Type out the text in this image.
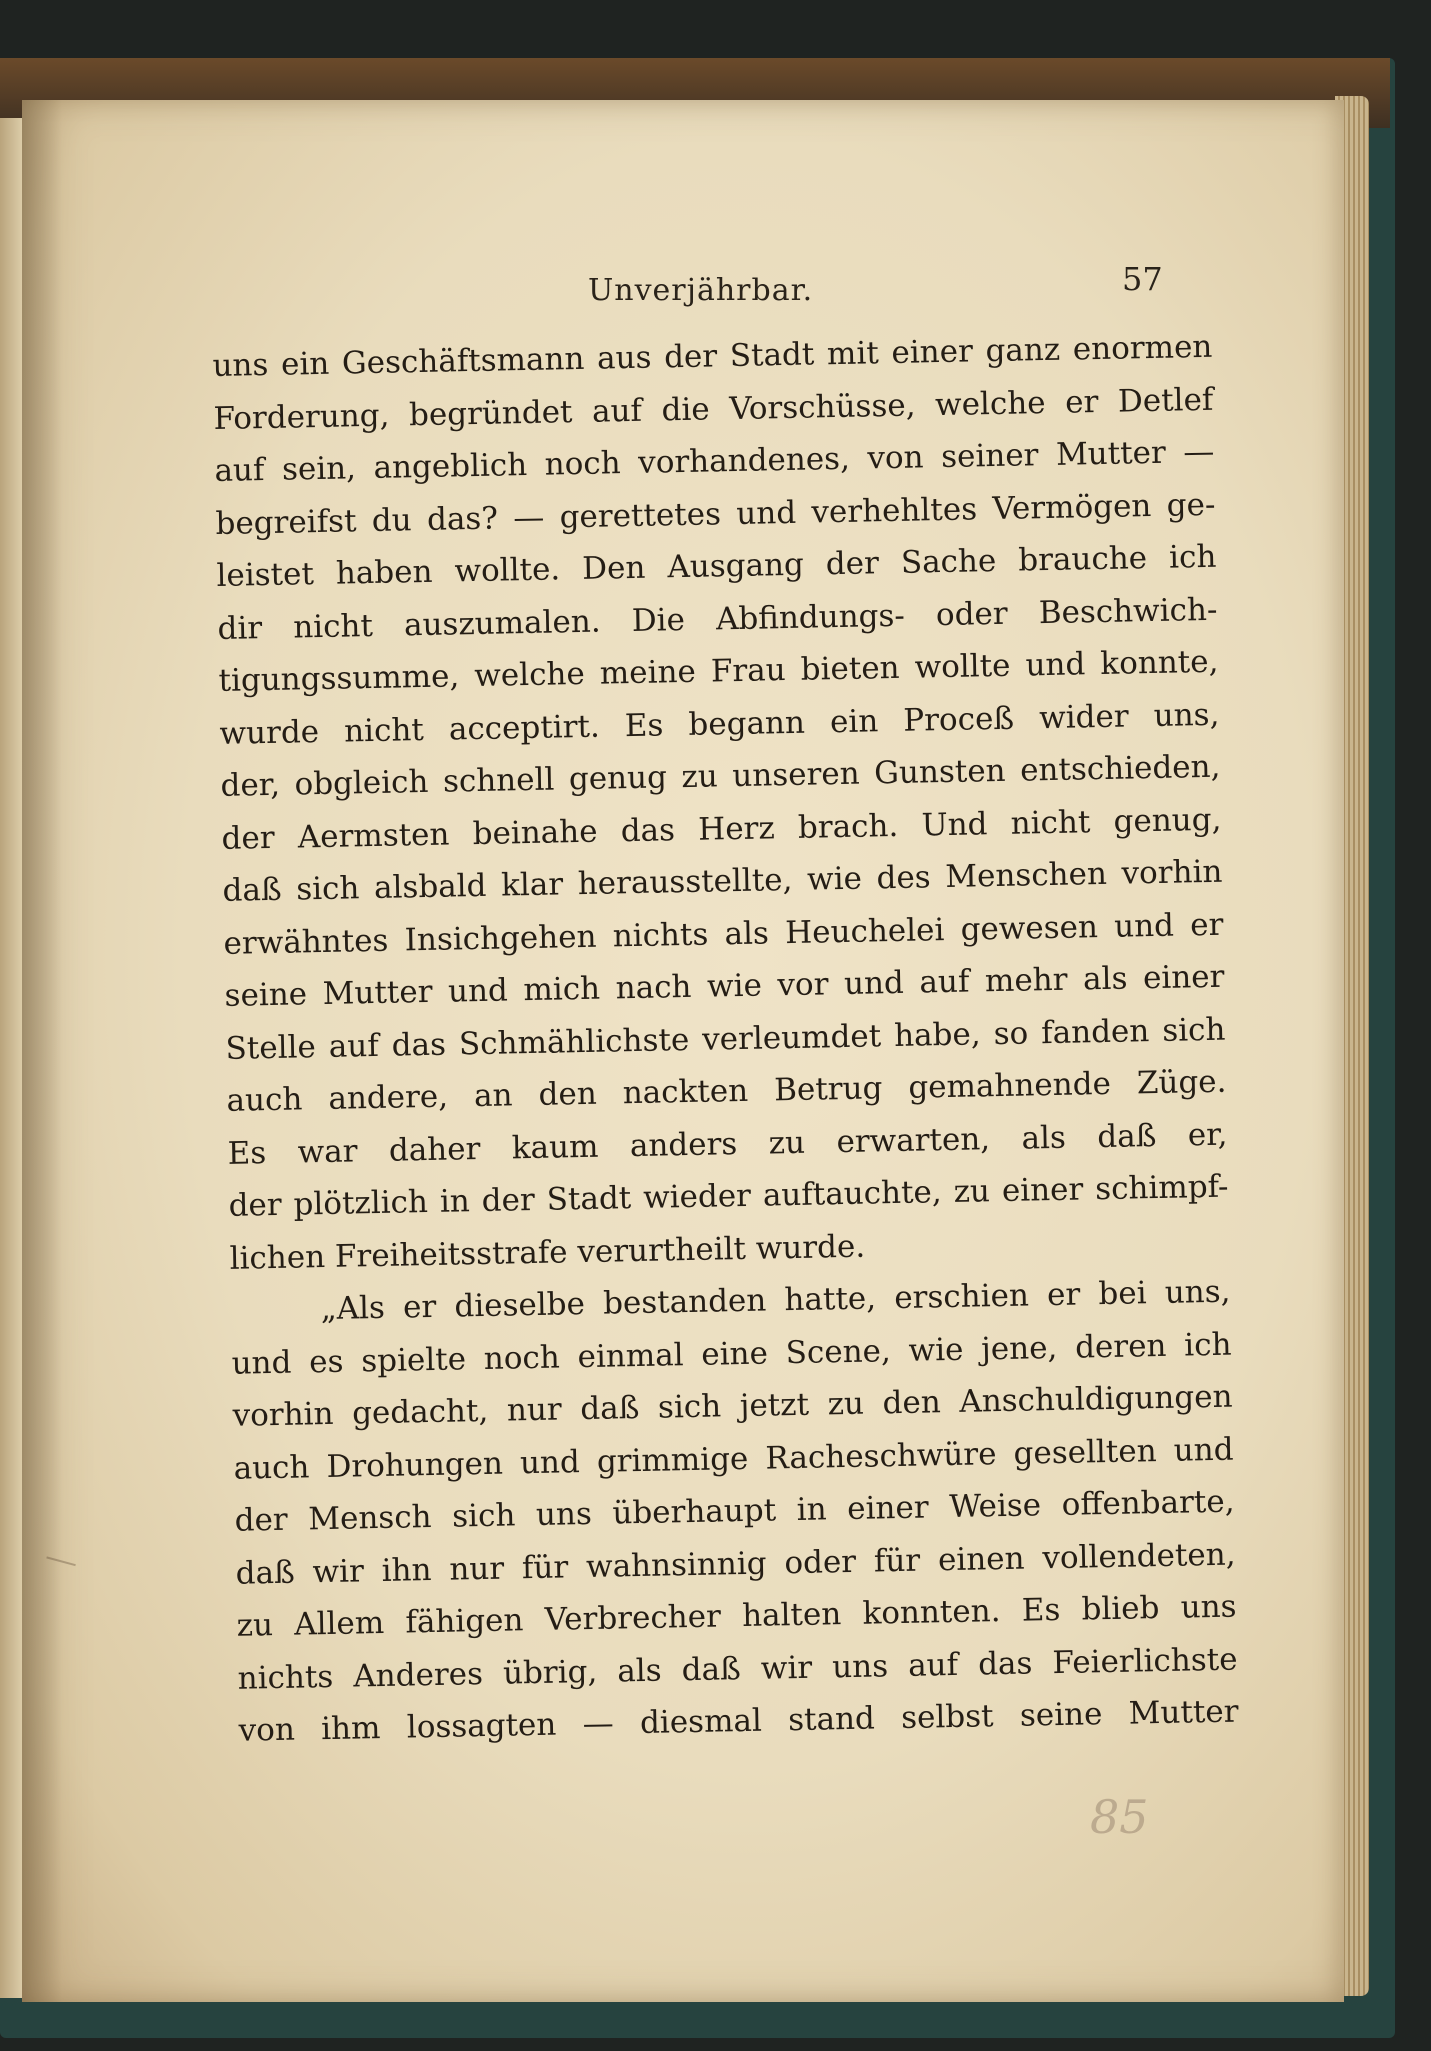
Unverjährbar.	57
uns ein Geschäftsmann aus der Stadt mit einer ganz enormen
Forderung, begründet auf die Vorschüsse, welche er Detlef
auf sein, angeblich noch vorhandenes, von seiner Mutter —
begreifst du das? — gerettetes und verhehltes Vermögen ge-
leistet haben wollte. Den Ausgang der Sache brauche ich
dir nicht auszumalen. Die Abfindungs- oder Beschwich-
tigungssumme, welche meine Frau bieten wollte und konnte,
wurde nicht acceptirt. Es begann ein Proceß wider uns,
der, obgleich schnell genug zu unseren Gunsten entschieden,
der Aermsten beinahe das Herz brach. Und nicht genug,
daß sich alsbald klar herausstellte, wie des Menschen vorhin
erwähntes Insichgehen nichts als Heuchelei gewesen und er
seine Mutter und mich nach wie vor und auf mehr als einer
Stelle auf das Schmählichste verleumdet habe, so fanden sich
auch andere, an den nackten Betrug gemahnende Züge.
Es war daher kaum anders zu erwarten, als daß er,
der plötzlich in der Stadt wieder auftauchte, zu einer schimpf-
lichen Freiheitsstrafe verurtheilt wurde.
„Als er dieselbe bestanden hatte, erschien er bei uns,
und es spielte noch einmal eine Scene, wie jene, deren ich
vorhin gedacht, nur daß sich jetzt zu den Anschuldigungen
auch Drohungen und grimmige Racheschwüre gesellten und
der Mensch sich uns überhaupt in einer Weise offenbarte,
daß wir ihn nur für wahnsinnig oder für einen vollendeten,
zu Allem fähigen Verbrecher halten konnten. Es blieb uns
nichts Anderes übrig, als daß wir uns auf das Feierlichste
von ihm lossagten — diesmal stand selbst seine Mutter
85
